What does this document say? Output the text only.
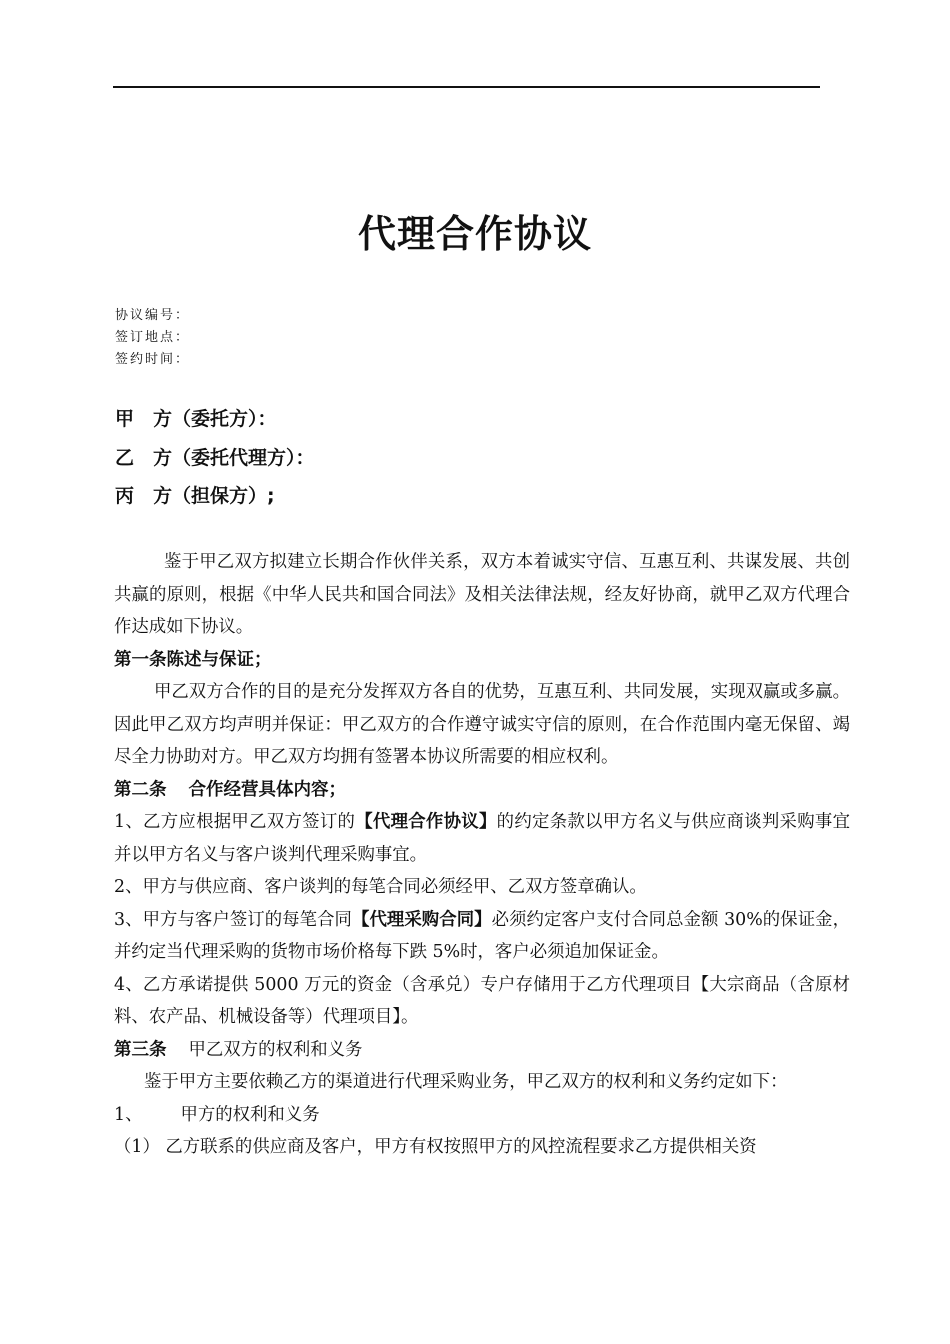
代理合作协议
协议编号：
签订地点：
签约时间：
甲　方（委托方）：
乙　方（委托代理方）：
丙　方（担保方）;

鉴于甲乙双方拟建立长期合作伙伴关系，双方本着诚实守信、互惠互利、共谋发展、共创共赢的原则，根据《中华人民共和国合同法》及相关法律法规，经友好协商，就甲乙双方代理合作达成如下协议。

第一条陈述与保证；

甲乙双方合作的目的是充分发挥双方各自的优势，互惠互利、共同发展，实现双赢或多赢。因此甲乙双方均声明并保证：甲乙双方的合作遵守诚实守信的原则，在合作范围内毫无保留、竭尽全力协助对方。甲乙双方均拥有签署本协议所需要的相应权利。

第二条 合作经营具体内容；

1、乙方应根据甲乙双方签订的【代理合作协议】的约定条款以甲方名义与供应商谈判采购事宜并以甲方名义与客户谈判代理采购事宜。

2、甲方与供应商、客户谈判的每笔合同必须经甲、乙双方签章确认。

3、甲方与客户签订的每笔合同【代理采购合同】必须约定客户支付合同总金额 30%的保证金，并约定当代理采购的货物市场价格每下跌 5%时，客户必须追加保证金。

4、乙方承诺提供 5000 万元的资金（含承兑）专户存储用于乙方代理项目【大宗商品（含原材料、农产品、机械设备等）代理项目】。

第三条 甲乙双方的权利和义务

鉴于甲方主要依赖乙方的渠道进行代理采购业务，甲乙双方的权利和义务约定如下：

1、 甲方的权利和义务

（1） 乙方联系的供应商及客户，甲方有权按照甲方的风控流程要求乙方提供相关资
